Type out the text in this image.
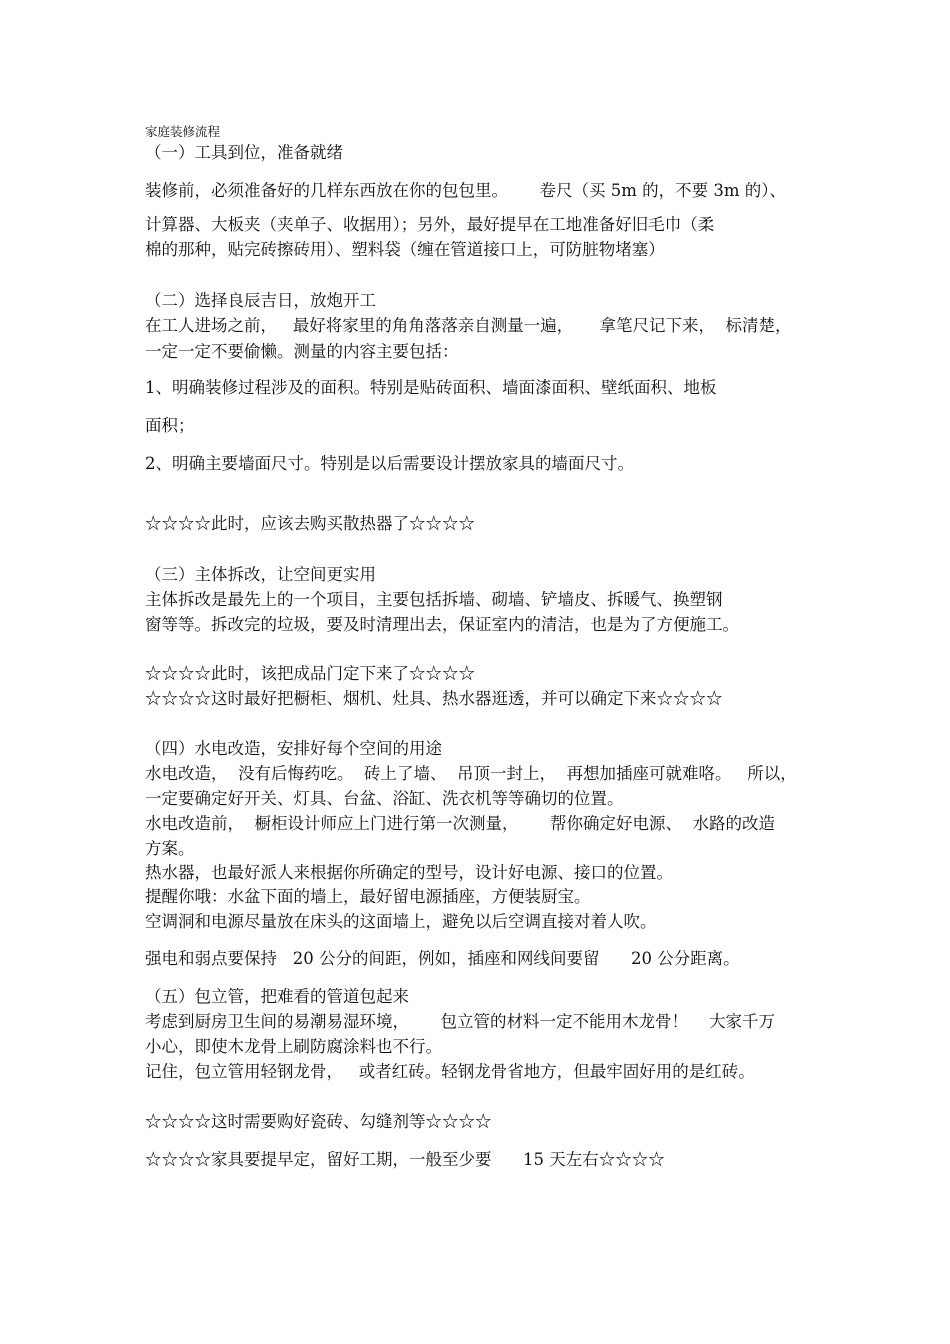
家庭装修流程
（一）工具到位，准备就绪
装修前，必须准备好的几样东西放在你的包包里。      卷尺（买 5m 的，不要 3m 的）、
计算器、大板夹（夹单子、收据用）；另外，最好提早在工地准备好旧毛巾（柔
棉的那种，贴完砖擦砖用）、塑料袋（缠在管道接口上，可防脏物堵塞）
（二）选择良辰吉日，放炮开工
在工人进场之前，   最好将家里的角角落落亲自测量一遍，     拿笔尺记下来，  标清楚，
一定一定不要偷懒。测量的内容主要包括：
1、明确装修过程涉及的面积。特别是贴砖面积、墙面漆面积、壁纸面积、地板
面积；
2、明确主要墙面尺寸。特别是以后需要设计摆放家具的墙面尺寸。
☆☆☆☆此时，应该去购买散热器了☆☆☆☆
（三）主体拆改，让空间更实用
主体拆改是最先上的一个项目，主要包括拆墙、砌墙、铲墙皮、拆暖气、换塑钢
窗等等。拆改完的垃圾，要及时清理出去，保证室内的清洁，也是为了方便施工。
☆☆☆☆此时，该把成品门定下来了☆☆☆☆
☆☆☆☆这时最好把橱柜、烟机、灶具、热水器逛透，并可以确定下来☆☆☆☆
（四）水电改造，安排好每个空间的用途
水电改造，  没有后悔药吃。  砖上了墙、  吊顶一封上，  再想加插座可就难咯。   所以，
一定要确定好开关、灯具、台盆、浴缸、洗衣机等等确切的位置。
水电改造前，  橱柜设计师应上门进行第一次测量，      帮你确定好电源、  水路的改造
方案。
热水器，也最好派人来根据你所确定的型号，设计好电源、接口的位置。
提醒你哦：水盆下面的墙上，最好留电源插座，方便装厨宝。
空调洞和电源尽量放在床头的这面墙上，避免以后空调直接对着人吹。
强电和弱点要保持   20 公分的间距，例如，插座和网线间要留      20 公分距离。
（五）包立管，把难看的管道包起来
考虑到厨房卫生间的易潮易湿环境，      包立管的材料一定不能用木龙骨！    大家千万
小心，即使木龙骨上刷防腐涂料也不行。
记住，包立管用轻钢龙骨，   或者红砖。轻钢龙骨省地方，但最牢固好用的是红砖。
☆☆☆☆这时需要购好瓷砖、勾缝剂等☆☆☆☆
☆☆☆☆家具要提早定，留好工期，一般至少要      15 天左右☆☆☆☆
